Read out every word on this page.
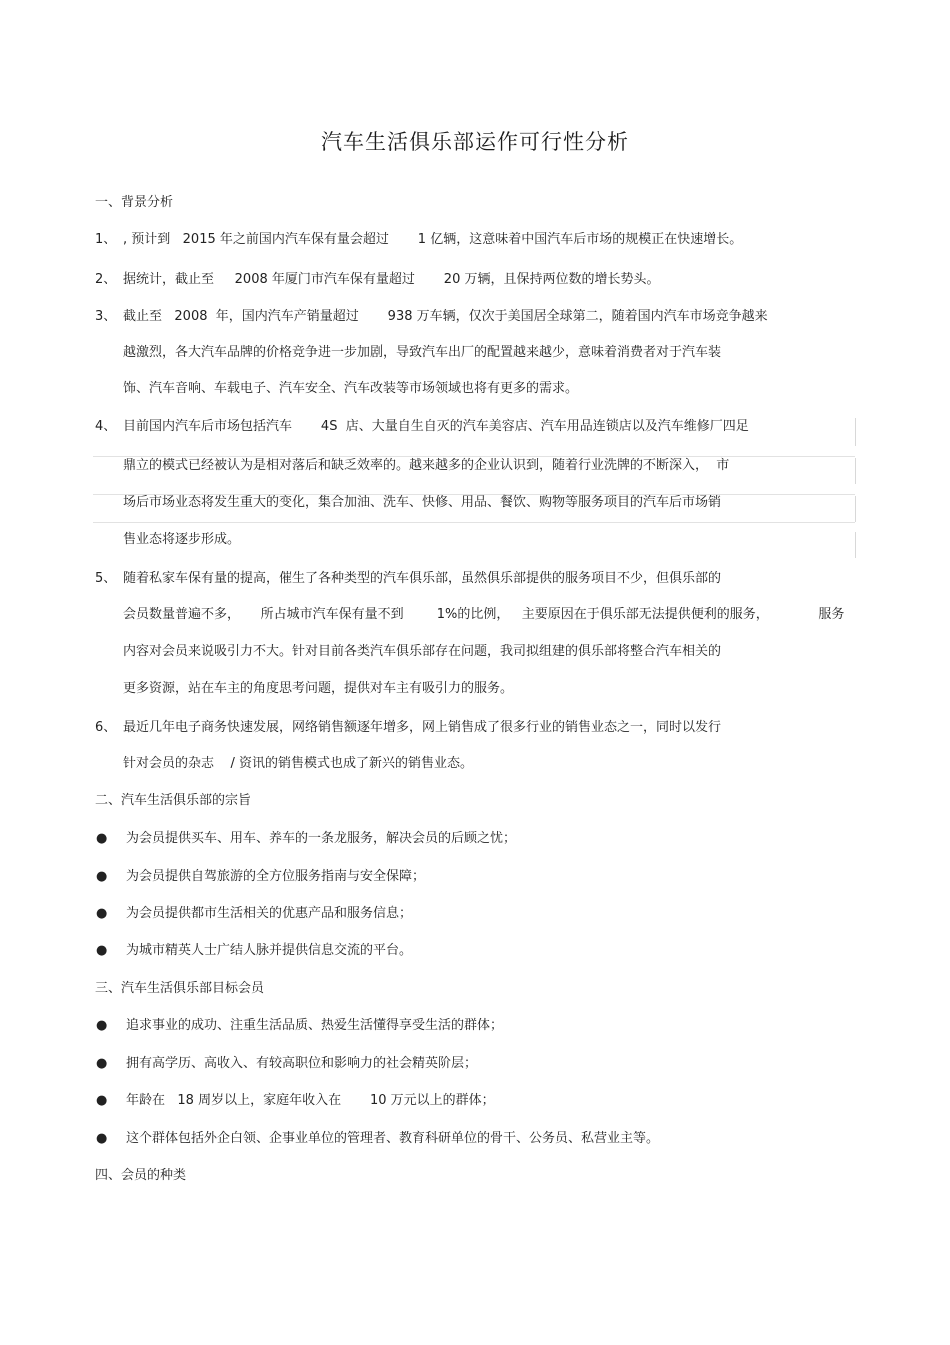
汽车生活俱乐部运作可行性分析
一、背景分析
1、 , 预计到   2015 年之前国内汽车保有量会超过       1 亿辆，这意味着中国汽车后市场的规模正在快速增长。
2、 据统计，截止至     2008 年厦门市汽车保有量超过       20 万辆，且保持两位数的增长势头。
3、 截止至   2008  年，国内汽车产销量超过       938 万车辆，仅次于美国居全球第二，随着国内汽车市场竞争越来
越激烈，各大汽车品牌的价格竞争进一步加剧，导致汽车出厂的配置越来越少，意味着消费者对于汽车装
饰、汽车音响、车载电子、汽车安全、汽车改装等市场领域也将有更多的需求。
4、 目前国内汽车后市场包括汽车       4S  店、大量自生自灭的汽车美容店、汽车用品连锁店以及汽车维修厂四足
鼎立的模式已经被认为是相对落后和缺乏效率的。越来越多的企业认识到，随着行业洗牌的不断深入，  市
场后市场业态将发生重大的变化，集合加油、洗车、快修、用品、餐饮、购物等服务项目的汽车后市场销
售业态将逐步形成。
5、 随着私家车保有量的提高，催生了各种类型的汽车俱乐部，虽然俱乐部提供的服务项目不少，但俱乐部的
会员数量普遍不多，     所占城市汽车保有量不到        1%的比例，   主要原因在于俱乐部无法提供便利的服务，            服务
内容对会员来说吸引力不大。针对目前各类汽车俱乐部存在问题，我司拟组建的俱乐部将整合汽车相关的
更多资源，站在车主的角度思考问题，提供对车主有吸引力的服务。
6、 最近几年电子商务快速发展，网络销售额逐年增多，网上销售成了很多行业的销售业态之一，同时以发行
针对会员的杂志    / 资讯的销售模式也成了新兴的销售业态。
二、汽车生活俱乐部的宗旨
● 为会员提供买车、用车、养车的一条龙服务，解决会员的后顾之忧；
● 为会员提供自驾旅游的全方位服务指南与安全保障；
● 为会员提供都市生活相关的优惠产品和服务信息；
● 为城市精英人士广结人脉并提供信息交流的平台。
三、汽车生活俱乐部目标会员
● 追求事业的成功、注重生活品质、热爱生活懂得享受生活的群体；
● 拥有高学历、高收入、有较高职位和影响力的社会精英阶层；
● 年龄在   18 周岁以上，家庭年收入在       10 万元以上的群体；
● 这个群体包括外企白领、企事业单位的管理者、教育科研单位的骨干、公务员、私营业主等。
四、会员的种类
